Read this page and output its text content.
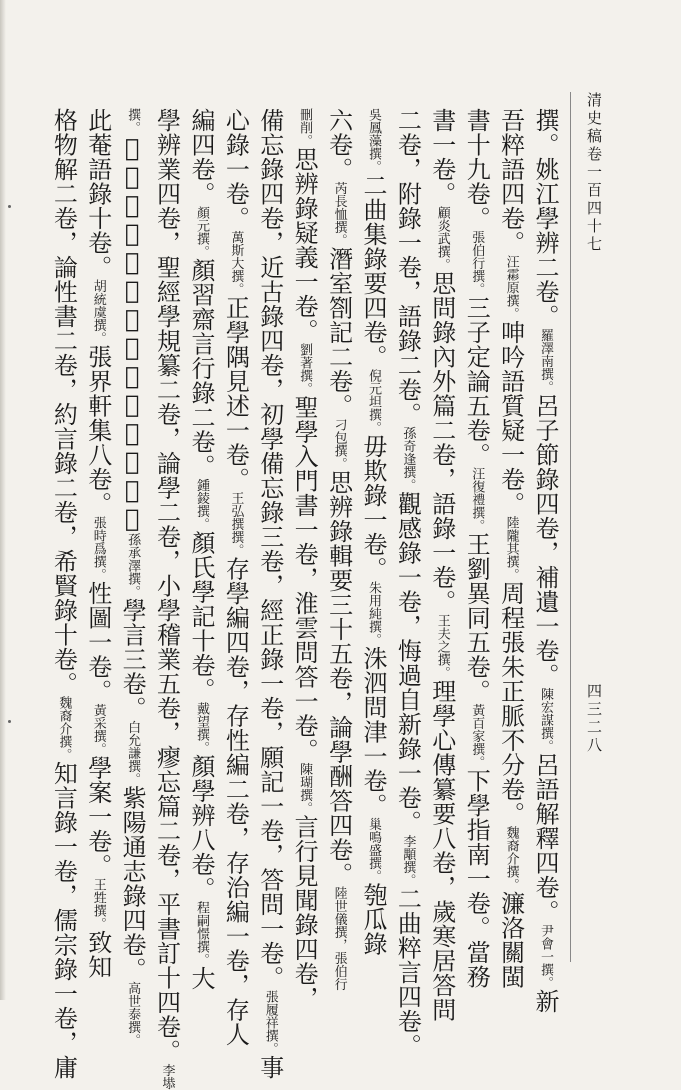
清史稿卷一百四十七
四三二八
撰。姚江學辨二卷。羅澤南撰。呂子節錄四卷，補遺一卷。陳宏謀撰。呂語解釋四卷。尹會一撰。新
吾粹語四卷。汪霦原撰。呻吟語質疑一卷。陸隴其撰。周程張朱正脈不分卷。魏裔介撰。濂洛關閩
書十九卷。張伯行撰。三子定論五卷。汪復禮撰。王劉異同五卷。黃百家撰。下學指南一卷。當務
書一卷。顧炎武撰。思問錄內外篇二卷，語錄一卷。王夫之撰。理學心傳纂要八卷，歲寒居答問
二卷，附錄一卷，語錄二卷。孫奇逢撰。觀感錄一卷，悔過自新錄一卷。李顒撰。二曲粹言四卷。
吳鳳藻撰。二曲集錄要四卷。倪元坦撰。毋欺錄一卷。朱用純撰。洙泗問津一卷。巢鳴盛撰。匏瓜錄
六卷。芮長恤撰。潛室劄記二卷。刁包撰。思辨錄輯要三十五卷，論學酬答四卷。陸世儀撰，張伯行
刪削。思辨錄疑義一卷。劉著撰。聖學入門書一卷，淮雲問答一卷。陳瑚撰。言行見聞錄四卷，
備忘錄四卷，近古錄四卷，初學備忘錄三卷，經正錄一卷，願記一卷，答問一卷。張履祥撰。事
心錄一卷。萬斯大撰。正學隅見述一卷。王弘撰撰。存學編四卷，存性編二卷，存治編一卷，存人
編四卷。顏元撰。顏習齋言行錄二卷。鍾錂撰。顏氏學記十卷。戴望撰。顏學辨八卷。程嗣憬撰。大
學辨業四卷，聖經學規纂二卷，論學二卷，小學稽業五卷，瘳忘篇二卷，平書訂十四卷。李塨
撰。𢣪陰劄記不分卷，明辨錄二卷。孫承澤撰。學言三卷。白允謙撰。紫陽通志錄四卷。高世泰撰。
此菴語錄十卷。胡統虞撰。張界軒集八卷。張時爲撰。性圖一卷。黃采撰。學案一卷。王甡撰。致知
格物解二卷，論性書二卷，約言錄二卷，希賢錄十卷。魏裔介撰。知言錄一卷，儒宗錄一卷，庸
